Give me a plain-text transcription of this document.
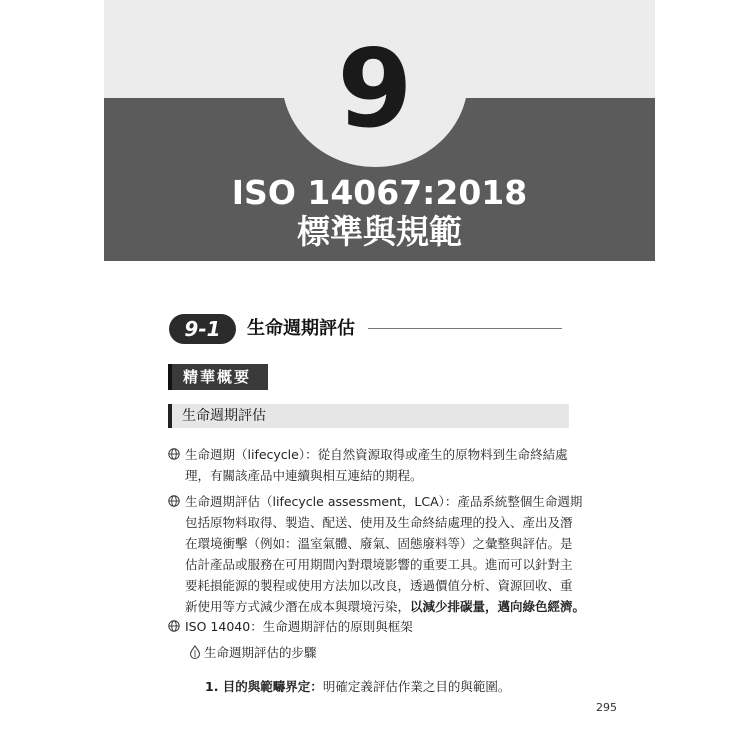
9
ISO 14067:2018
標準與規範
9-1	生命週期評估
精華概要
生命週期評估

生命週期（lifecycle）：從自然資源取得或產生的原物料到生命終結處

理，有關該產品中連續與相互連結的期程。

生命週期評估（lifecycle assessment，LCA）：產品系統整個生命週期

包括原物料取得、製造、配送、使用及生命終結處理的投入、產出及潛

在環境衝擊（例如：溫室氣體、廢氣、固態廢料等）之彙整與評估。是

估計產品或服務在可用期間內對環境影響的重要工具。進而可以針對主

要耗損能源的製程或使用方法加以改良，透過價值分析、資源回收、重

新使用等方式減少潛在成本與環境污染，以減少排碳量，邁向綠色經濟。

ISO 14040：生命週期評估的原則與框架

生命週期評估的步驟
1. 目的與範疇界定：明確定義評估作業之目的與範圍。
295
